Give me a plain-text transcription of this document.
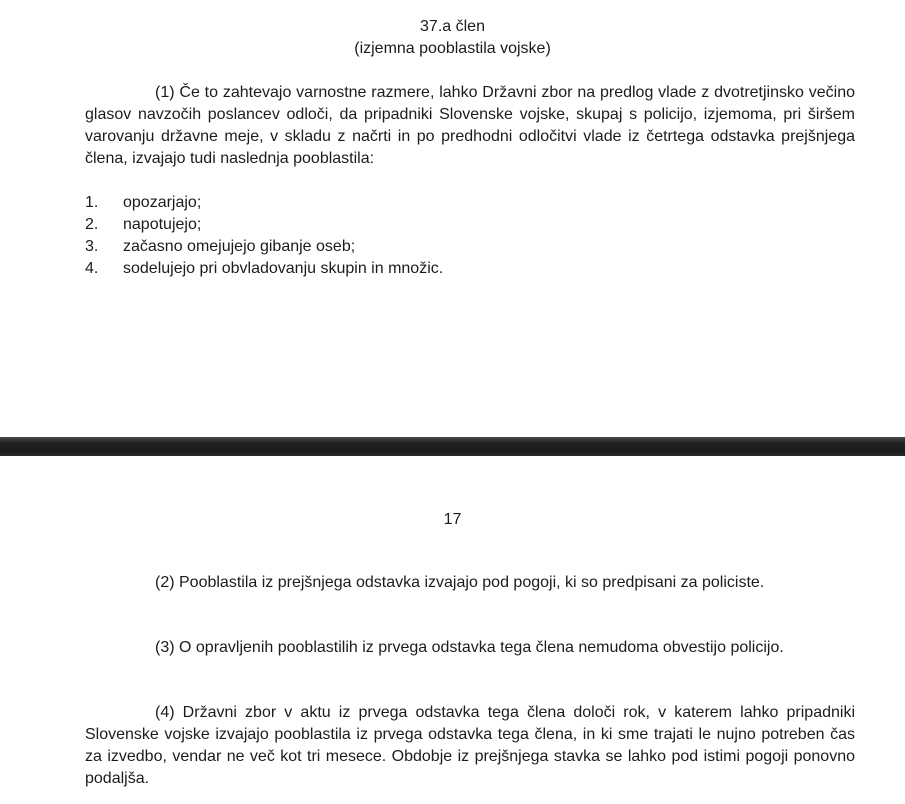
37.a člen
(izjemna pooblastila vojske)

(1) Če to zahtevajo varnostne razmere, lahko Državni zbor na predlog vlade z dvotretjinsko večino glasov navzočih poslancev odloči, da pripadniki Slovenske vojske, skupaj s policijo, izjemoma, pri širšem varovanju državne meje, v skladu z načrti in po predhodni odločitvi vlade iz četrtega odstavka prejšnjega člena, izvajajo tudi naslednja pooblastila:

1.	opozarjajo;
2.	napotujejo;
3.	začasno omejujejo gibanje oseb;
4.	sodelujejo pri obvladovanju skupin in množic.
17

(2) Pooblastila iz prejšnjega odstavka izvajajo pod pogoji, ki so predpisani za policiste.

(3) O opravljenih pooblastilih iz prvega odstavka tega člena nemudoma obvestijo policijo.

(4) Državni zbor v aktu iz prvega odstavka tega člena določi rok, v katerem lahko pripadniki Slovenske vojske izvajajo pooblastila iz prvega odstavka tega člena, in ki sme trajati le nujno potreben čas za izvedbo, vendar ne več kot tri mesece. Obdobje iz prejšnjega stavka se lahko pod istimi pogoji ponovno podaljša.
